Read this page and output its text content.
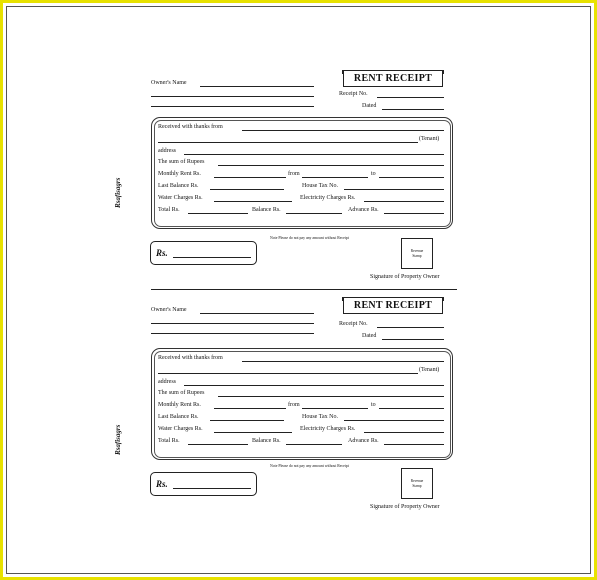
Owner's Name	RENT RECEIPT
Receipt No.
Dated
Received with thanks from
(Tenant)
address
The sum of Rupees
Monthly Rent Rs.	from	to
Last Balance Rs.	House Tax No.
Water Charges Rs.	Electricity Charges Rs.
Total Rs.	Balance Rs.	Advance Rs.
Rsafisagrs
Note Please do not pay any amount without Receipt
Rs.	Revenue
Stamp
Signature of Property Owner
Owner's Name	RENT RECEIPT
Receipt No.
Dated
Received with thanks from
(Tenant)
address
The sum of Rupees
Monthly Rent Rs.	from	to
Last Balance Rs.	House Tax No.
Water Charges Rs.	Electricity Charges Rs.
Total Rs.	Balance Rs.	Advance Rs.
Rsafisagrs
Note Please do not pay any amount without Receipt
Rs.	Revenue
Stamp
Signature of Property Owner
